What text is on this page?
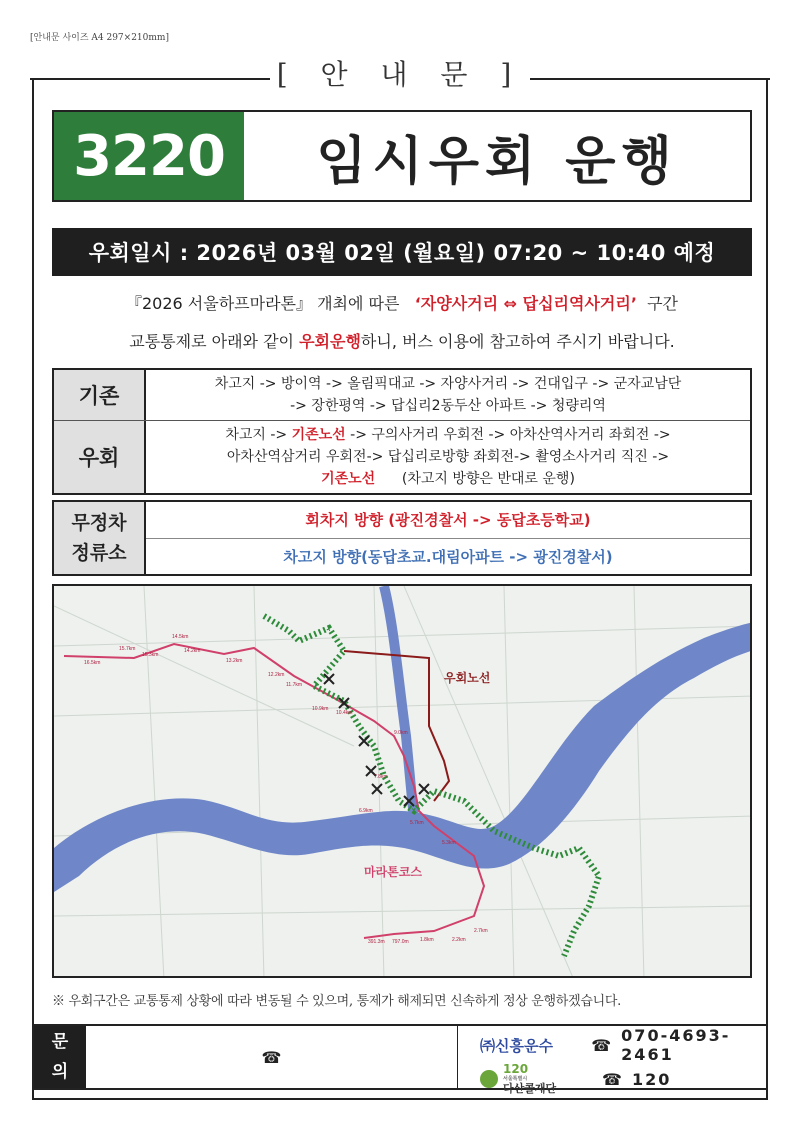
[안내문 사이즈 A4 297×210mm]
[ 안 내 문 ]
3220	임시우회 운행
우회일시 : 2026년 03월 02일 (월요일) 07:20 ~ 10:40 예정
『2026 서울하프마라톤』 개최에 따른 ‘자양사거리 ⇔ 답십리역사거리’ 구간
교통통제로 아래와 같이 우회운행하니, 버스 이용에 참고하여 주시기 바랍니다.
기존	차고지 -> 방이역 -> 올림픽대교 -> 자양사거리 -> 건대입구 -> 군자교남단
-> 장한평역 -> 답십리2동두산 아파트 -> 청량리역
우회
차고지 -> 기존노선 -> 구의사거리 우회전 -> 아차산역사거리 좌회전 ->
아차산역삼거리 우회전-> 답십리로방향 좌회전-> 촬영소사거리 직진 ->
기존노선 (차고지 방향은 반대로 운행)
무정차
정류소
회차지 방향 (광진경찰서 -> 동답초등학교)
차고지 방향(동답초교.대림아파트 -> 광진경찰서)
우회노선
마라톤코스
16.5km
15.7km
15.3km
14.5km
14.2km
13.2km
12.2km
11.7km
10.9km
10.4km
9.0km
7.8km
6.9km
5.7km
5.3km
2.7km
2.2km
1.8km
797.0m
391.3m
※ 우회구간은 교통통제 상황에 따라 변동될 수 있으며, 통제가 해제되면 신속하게 정상 운행하겠습니다.
문
의
☎
㈜신흥운수	☎ 070-4693-2461
120
서울특별시
다산콜재단	☎ 120
